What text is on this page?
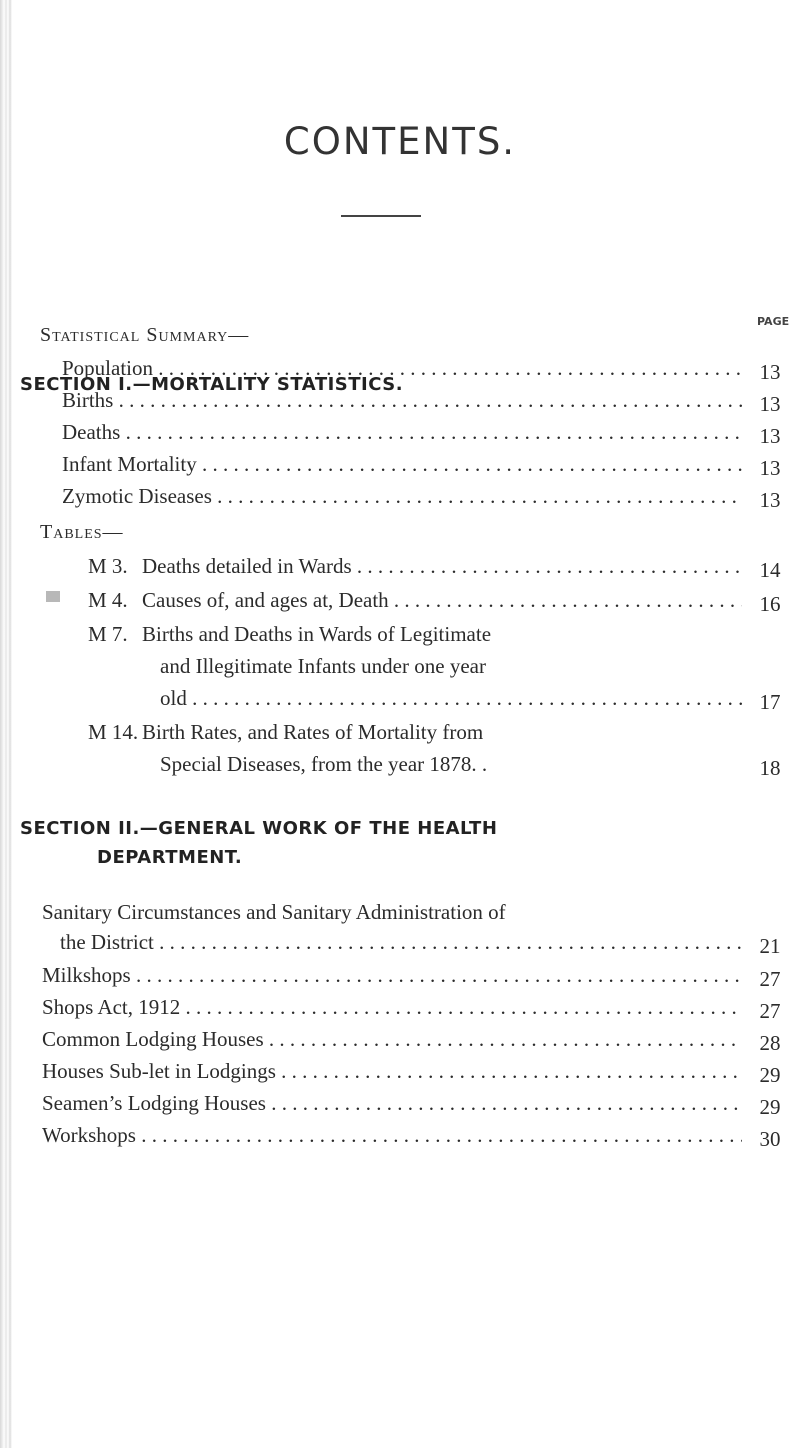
CONTENTS.
SECTION I.—MORTALITY STATISTICS.
PAGE
Statistical Summary—
Population . . .	13
Births . . .	13
Deaths . . .	13
Infant Mortality . . .	13
Zymotic Diseases . . .	13
Tables—
M 3. Deaths detailed in Wards . . .	14
M 4. Causes of, and ages at, Death . . .	16
M 7. Births and Deaths in Wards of Legitimate
and Illegitimate Infants under one year
old . . .	17
M 14. Birth Rates, and Rates of Mortality from
Special Diseases, from the year 1878. .	18
SECTION II.—GENERAL WORK OF THE HEALTH
DEPARTMENT.
Sanitary Circumstances and Sanitary Administration of
the District . . .	21
Milkshops . . .	27
Shops Act, 1912 . . .	27
Common Lodging Houses . . .	28
Houses Sub-let in Lodgings . . .	29
Seamen’s Lodging Houses . . .	29
Workshops . . .	30
